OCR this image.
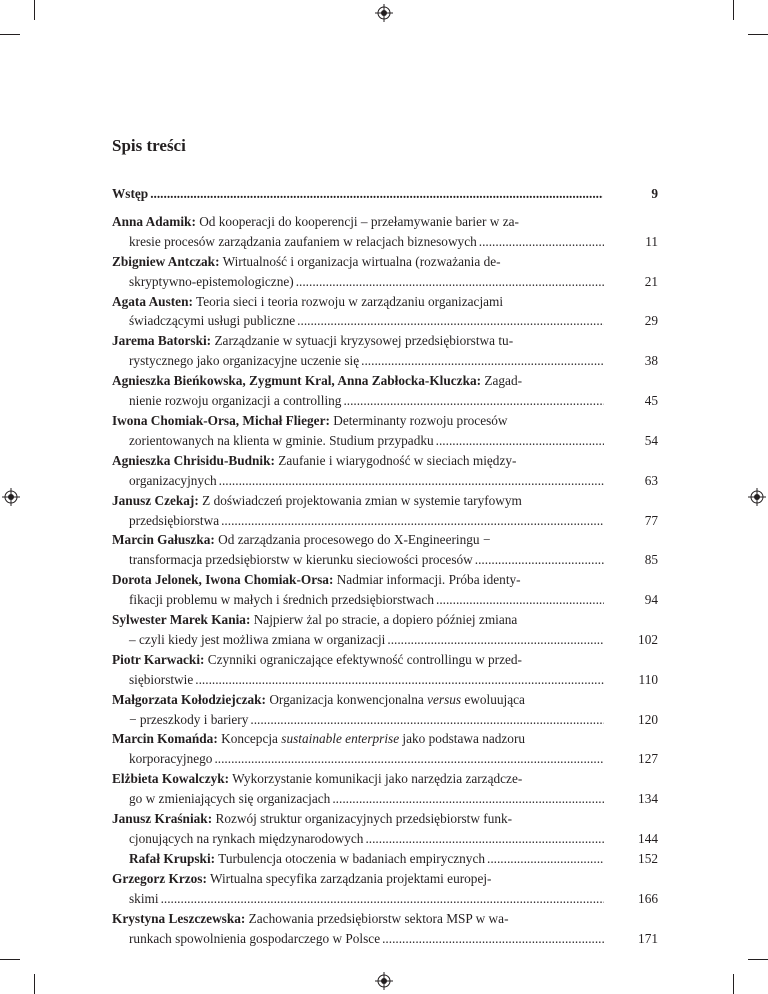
Spis treści
Wstęp .....	9
Anna Adamik: Od kooperacji do kooperencji – przełamywanie barier w za-
kresie procesów zarządzania zaufaniem w relacjach biznesowych .....	11
Zbigniew Antczak: Wirtualność i organizacja wirtualna (rozważania de-
skryptywno-epistemologiczne) .....	21
Agata Austen: Teoria sieci i teoria rozwoju w zarządzaniu organizacjami
świadczącymi usługi publiczne .....	29
Jarema Batorski: Zarządzanie w sytuacji kryzysowej przedsiębiorstwa tu-
rystycznego jako organizacyjne uczenie się .....	38
Agnieszka Bieńkowska, Zygmunt Kral, Anna Zabłocka-Kluczka: Zagad-
nienie rozwoju organizacji a controlling .....	45
Iwona Chomiak-Orsa, Michał Flieger: Determinanty rozwoju procesów
zorientowanych na klienta w gminie. Studium przypadku .....	54
Agnieszka Chrisidu-Budnik: Zaufanie i wiarygodność w sieciach między-
organizacyjnych .....	63
Janusz Czekaj: Z doświadczeń projektowania zmian w systemie taryfowym
przedsiębiorstwa .....	77
Marcin Gałuszka: Od zarządzania procesowego do X-Engineeringu −
transformacja przedsiębiorstw w kierunku sieciowości procesów .....	85
Dorota Jelonek, Iwona Chomiak-Orsa: Nadmiar informacji. Próba identy-
fikacji problemu w małych i średnich przedsiębiorstwach .....	94
Sylwester Marek Kania: Najpierw żal po stracie, a dopiero później zmiana
– czyli kiedy jest możliwa zmiana w organizacji .....	102
Piotr Karwacki: Czynniki ograniczające efektywność controllingu w przed-
siębiorstwie .....	110
Małgorzata Kołodziejczak: Organizacja konwencjonalna versus ewoluująca
− przeszkody i bariery .....	120
Marcin Komańda: Koncepcja sustainable enterprise jako podstawa nadzoru
korporacyjnego .....	127
Elżbieta Kowalczyk: Wykorzystanie komunikacji jako narzędzia zarządcze-
go w zmieniających się organizacjach .....	134
Janusz Kraśniak: Rozwój struktur organizacyjnych przedsiębiorstw funk-
cjonujących na rynkach międzynarodowych .....	144
Rafał Krupski: Turbulencja otoczenia w badaniach empirycznych .....	152
Grzegorz Krzos: Wirtualna specyfika zarządzania projektami europej-
skimi .....	166
Krystyna Leszczewska: Zachowania przedsiębiorstw sektora MSP w wa-
runkach spowolnienia gospodarczego w Polsce .....	171
